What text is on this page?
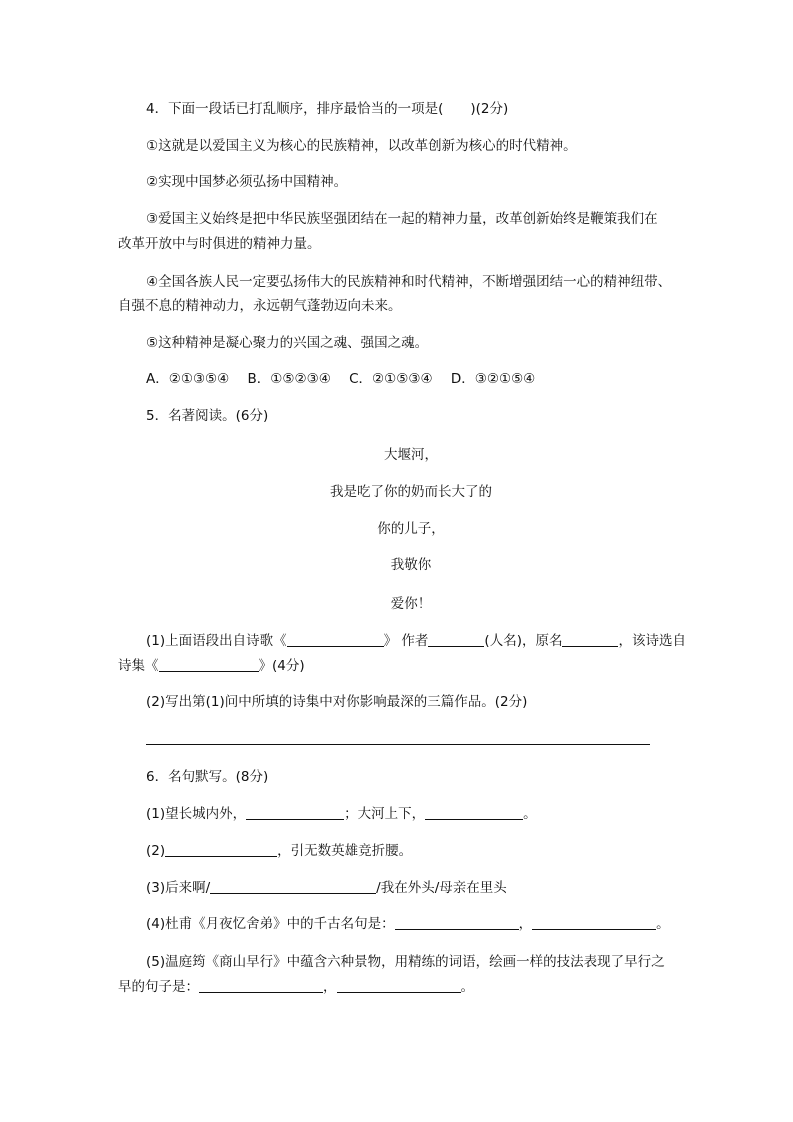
4．下面一段话已打乱顺序，排序最恰当的一项是(　　)(2分)
①这就是以爱国主义为核心的民族精神，以改革创新为核心的时代精神。
②实现中国梦必须弘扬中国精神。
③爱国主义始终是把中华民族坚强团结在一起的精神力量，改革创新始终是鞭策我们在
改革开放中与时俱进的精神力量。
④全国各族人民一定要弘扬伟大的民族精神和时代精神，不断增强团结一心的精神纽带、
自强不息的精神动力，永远朝气蓬勃迈向未来。
⑤这种精神是凝心聚力的兴国之魂、强国之魂。
A．②①③⑤④ B．①⑤②③④ C．②①⑤③④ D．③②①⑤④
5．名著阅读。(6分)
大堰河，
我是吃了你的奶而长大了的
你的儿子，
我敬你
爱你！
(1)上面语段出自诗歌《	》 作者	(人名)，原名	，该诗选自
诗集《	》(4分)
(2)写出第(1)问中所填的诗集中对你影响最深的三篇作品。(2分)
6．名句默写。(8分)
(1)望长城内外，	；大河上下，	。
(2)	，引无数英雄竞折腰。
(3)后来啊/	/我在外头/母亲在里头
(4)杜甫《月夜忆舍弟》中的千古名句是：	，	。
(5)温庭筠《商山早行》中蕴含六种景物，用精练的词语，绘画一样的技法表现了早行之
早的句子是：	，	。
